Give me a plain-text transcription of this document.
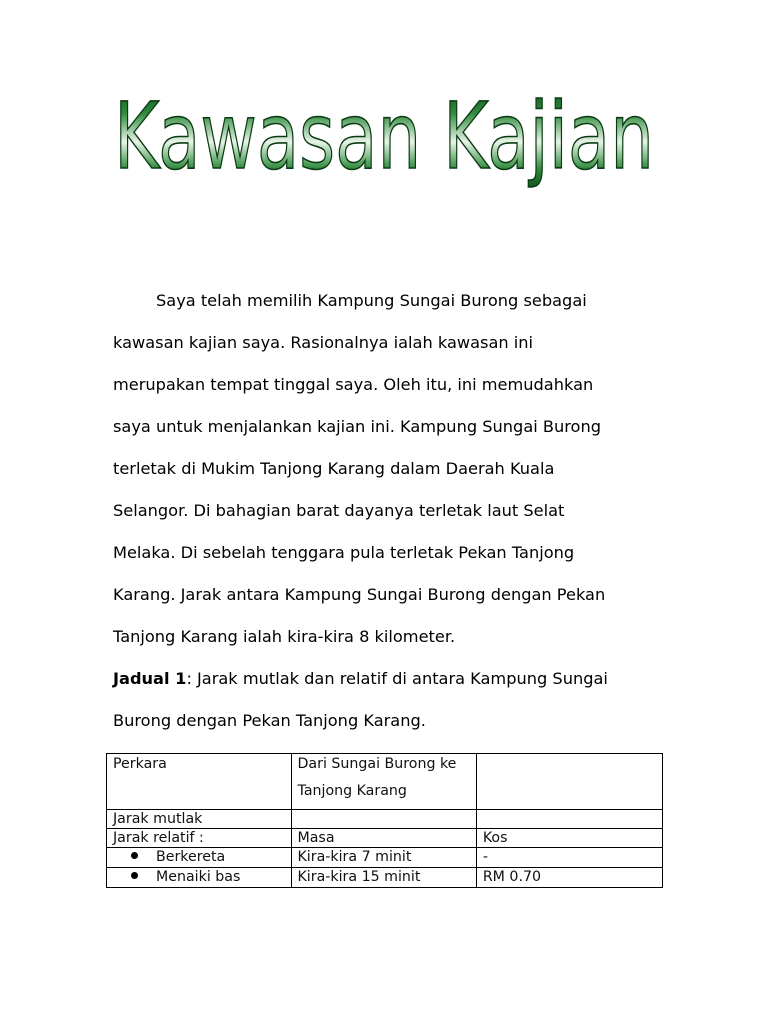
Kawasan Kajian

Saya telah memilih Kampung Sungai Burong sebagai

kawasan kajian saya. Rasionalnya ialah kawasan ini
merupakan tempat tinggal saya. Oleh itu, ini memudahkan
saya untuk menjalankan kajian ini. Kampung Sungai Burong
terletak di Mukim Tanjong Karang dalam Daerah Kuala
Selangor. Di bahagian barat dayanya terletak laut Selat
Melaka. Di sebelah tenggara pula terletak Pekan Tanjong
Karang. Jarak antara Kampung Sungai Burong dengan Pekan
Tanjong Karang ialah kira-kira 8 kilometer.

Jadual 1: Jarak mutlak dan relatif di antara Kampung Sungai
Burong dengan Pekan Tanjong Karang.

Perkara	Dari Sungai Burong ke
Tanjong Karang	

Jarak mutlak		
Jarak relatif :	Masa	Kos
Berkereta	Kira-kira 7 minit	-
Menaiki bas	Kira-kira 15 minit	RM 0.70
